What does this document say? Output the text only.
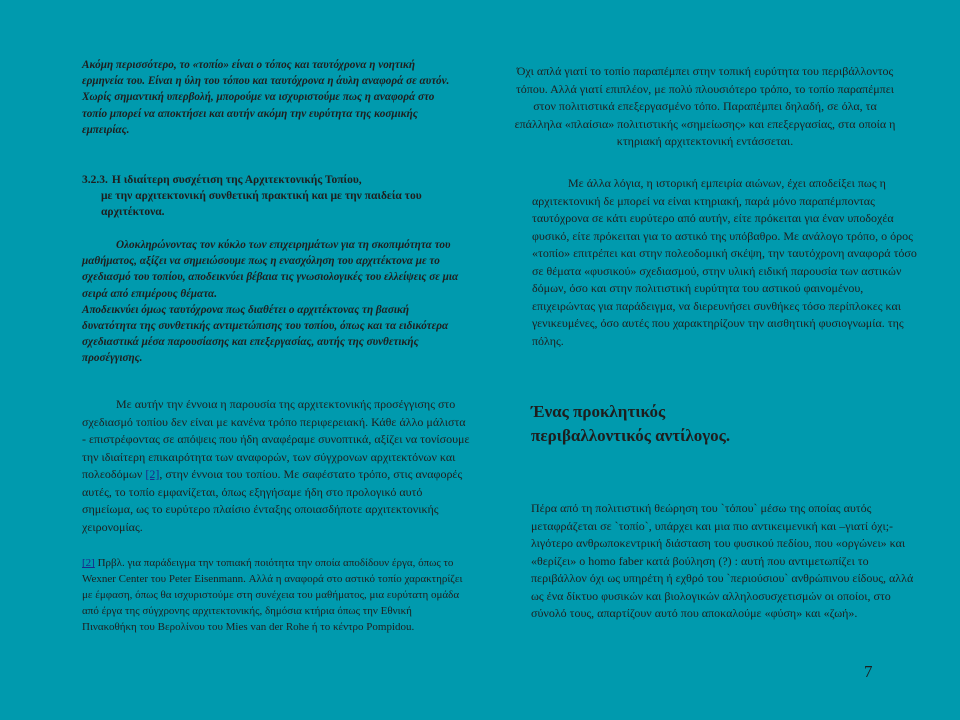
Ακόμη περισσότερο, το «τοπίο» είναι ο τόπος και ταυτόχρονα η νοητική ερμηνεία του. Είναι η ύλη του τόπου και ταυτόχρονα η άυλη αναφορά σε αυτόν. Χωρίς σημαντική υπερβολή, μπορούμε να ισχυριστούμε πως η αναφορά στο τοπίο μπορεί να αποκτήσει και αυτήν ακόμη την ευρύτητα της κοσμικής εμπειρίας.

3.2.3. Η ιδιαίτερη συσχέτιση της Αρχιτεκτονικής Τοπίου,
με την αρχιτεκτονική συνθετική πρακτική και με την παιδεία του αρχιτέκτονα.

Ολοκληρώνοντας τον κύκλο των επιχειρημάτων για τη σκοπιμότητα του μαθήματος, αξίζει να σημειώσουμε πως η ενασχόληση του αρχιτέκτονα με το σχεδιασμό του τοπίου, αποδεικνύει βέβαια τις γνωσιολογικές του ελλείψεις σε μια σειρά από επιμέρους θέματα.

Αποδεικνύει όμως ταυτόχρονα πως διαθέτει ο αρχιτέκτονας τη βασική δυνατότητα της συνθετικής αντιμετώπισης του τοπίου, όπως και τα ειδικότερα σχεδιαστικά μέσα παρουσίασης και επεξεργασίας, αυτής της συνθετικής προσέγγισης.

Με αυτήν την έννοια η παρουσία της αρχιτεκτονικής προσέγγισης στο σχεδιασμό τοπίου δεν είναι με κανένα τρόπο περιφερειακή. Κάθε άλλο μάλιστα - επιστρέφοντας σε απόψεις που ήδη αναφέραμε συνοπτικά, αξίζει να τονίσουμε την ιδιαίτερη επικαιρότητα των αναφορών, των σύγχρονων αρχιτεκτόνων και πολεοδόμων [2], στην έννοια του τοπίου. Με σαφέστατο τρόπο, στις αναφορές αυτές, το τοπίο εμφανίζεται, όπως εξηγήσαμε ήδη στο προλογικό αυτό σημείωμα, ως το ευρύτερο πλαίσιο ένταξης οποιασδήποτε αρχιτεκτονικής χειρονομίας.

[2] Πρβλ. για παράδειγμα την τοπιακή ποιότητα την οποία αποδίδουν έργα, όπως το Wexner Center του Peter Eisenmann. Αλλά η αναφορά στο αστικό τοπίο χαρακτηρίζει με έμφαση, όπως θα ισχυριστούμε στη συνέχεια του μαθήματος, μια ευρύτατη ομάδα από έργα της σύγχρονης αρχιτεκτονικής, δημόσια κτήρια όπως την Εθνική Πινακοθήκη του Βερολίνου του Mies van der Rohe ή το κέντρο Pompidou.

Όχι απλά γιατί το τοπίο παραπέμπει στην τοπική ευρύτητα του περιβάλλοντος τόπου. Αλλά γιατί επιπλέον, με πολύ πλουσιότερο τρόπο, το τοπίο παραπέμπει στον πολιτιστικά επεξεργασμένο τόπο. Παραπέμπει δηλαδή, σε όλα, τα επάλληλα «πλαίσια» πολιτιστικής «σημείωσης» και επεξεργασίας, στα οποία η κτηριακή αρχιτεκτονική εντάσσεται.

Με άλλα λόγια, η ιστορική εμπειρία αιώνων, έχει αποδείξει πως η αρχιτεκτονική δε μπορεί να είναι κτηριακή, παρά μόνο παραπέμποντας ταυτόχρονα σε κάτι ευρύτερο από αυτήν, είτε πρόκειται για έναν υποδοχέα φυσικό, είτε πρόκειται για το αστικό της υπόβαθρο. Με ανάλογο τρόπο, ο όρος «τοπίο» επιτρέπει και στην πολεοδομική σκέψη, την ταυτόχρονη αναφορά τόσο σε θέματα «φυσικού» σχεδιασμού, στην υλική ειδική παρουσία των αστικών δόμων, όσο και στην πολιτιστική ευρύτητα του αστικού φαινομένου, επιχειρώντας για παράδειγμα, να διερευνήσει συνθήκες τόσο περίπλοκες και γενικευμένες, όσο αυτές που χαρακτηρίζουν την αισθητική φυσιογνωμία. της πόλης.

Ένας προκλητικός
περιβαλλοντικός αντίλογος.

Πέρα από τη πολιτιστική θεώρηση του `τόπου` μέσω της οποίας αυτός μεταφράζεται σε `τοπίο`, υπάρχει και μια πιο αντικειμενική και –γιατί όχι;- λιγότερο ανθρωποκεντρική διάσταση του φυσικού πεδίου, που «οργώνει» και «θερίζει» ο homo faber κατά βούληση (?) : αυτή που αντιμετωπίζει το περιβάλλον όχι ως υπηρέτη ή εχθρό του `περιούσιου` ανθρώπινου είδους, αλλά ως ένα δίκτυο φυσικών και βιολογικών αλληλοσυσχετισμών οι οποίοι, στο σύνολό τους, απαρτίζουν αυτό που αποκαλούμε «φύση» και «ζωή».

7
